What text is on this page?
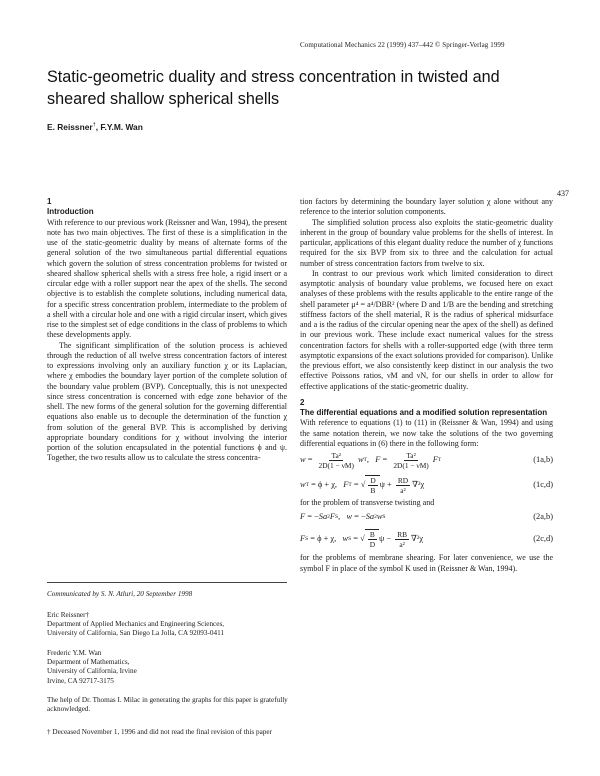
Computational Mechanics 22 (1999) 437–442 © Springer-Verlag 1999
Static-geometric duality and stress concentration in twisted and sheared shallow spherical shells
E. Reissner†, F.Y.M. Wan
437
1
Introduction

With reference to our previous work (Reissner and Wan, 1994), the present note has two main objectives. The first of these is a simplification in the use of the static-geometric duality by means of alternate forms of the general solution of the two simultaneous partial differential equations which govern the solution of stress concentration problems for twisted or sheared shallow spherical shells with a stress free hole, a rigid insert or a circular edge with a roller support near the apex of the shells. The second objective is to establish the complete solutions, including numerical data, for a specific stress concentration problem, intermediate to the problem of a shell with a circular hole and one with a rigid circular insert, which gives rise to the simplest set of edge conditions in the class of problems to which these developments apply.

The significant simplification of the solution process is achieved through the reduction of all twelve stress concentration factors of interest to expressions involving only an auxiliary function χ or its Laplacian, where χ embodies the boundary layer portion of the complete solution of the boundary value problem (BVP). Conceptually, this is not unexpected since stress concentration is concerned with edge zone behavior of the shell. The new forms of the general solution for the governing differential equations also enable us to decouple the determination of the function χ from solution of the general BVP. This is accomplished by deriving appropriate boundary conditions for χ without involving the interior portion of the solution encapsulated in the potential functions ϕ and ψ. Together, the two results allow us to calculate the stress concentra-

Communicated by S. N. Atluri, 20 September 1998
Eric Reissner†
Department of Applied Mechanics and Engineering Sciences,
University of California, San Diego La Jolla, CA 92093-0411
Frederic Y.M. Wan
Department of Mathematics,
University of California, Irvine
Irvine, CA 92717-3175
The help of Dr. Thomas I. Milac in generating the graphs for this paper is gratefully acknowledged.
† Deceased November 1, 1996 and did not read the final revision of this paper

tion factors by determining the boundary layer solution χ alone without any reference to the interior solution components.

The simplified solution process also exploits the static-geometric duality inherent in the group of boundary value problems for the shells of interest. In particular, applications of this elegant duality reduce the number of χ functions required for the six BVP from six to three and the calculation for actual number of stress concentration factors from twelve to six.

In contrast to our previous work which limited consideration to direct asymptotic analysis of boundary value problems, we focused here on exact analyses of these problems with the results applicable to the entire range of the shell parameter μ⁴ = a⁴/DBR² (where D and 1/B are the bending and stretching stiffness factors of the shell material, R is the radius of spherical midsurface and a is the radius of the circular opening near the apex of the shell) as defined in our previous work. These include exact numerical values for the stress concentration factors for shells with a roller-supported edge (with three term asymptotic expansions of the exact solutions provided for comparison). Unlike the previous effort, we also consistently keep distinct in our analysis the two effective Poissons ratios, νM and νN, for our shells in order to allow for effective applications of the static-geometric duality.

2
The differential equations and a modified solution representation

With reference to equations (1) to (11) in (Reissner & Wan, 1994) and using the same notation therein, we now take the solutions of the two governing differential equations in (6) there in the following form:

$w = \frac{\text{Ta²}}{2D(1 - \nu M)}$ w T , $F = \frac{\text{Ta²}}{2D(1 - \nu M)}$ F T	(1a,b)
w T = ϕ + χ, F T = √ $\frac{D}{B}$ $\psi + \frac{RD}{\text{a²}} \nabla^2\chi$	(1c,d)

for the problem of transverse twisting and

F = − Sa 2 F S , w = − Sa 2 w S	(2a,b)
F S = ϕ + χ, w S = √ $\frac{B}{D}$ $\psi - \frac{RB}{\text{a²}} \nabla^2\chi$	(2c,d)

for the problems of membrane shearing. For later convenience, we use the symbol F in place of the symbol K used in (Reissner & Wan, 1994).
